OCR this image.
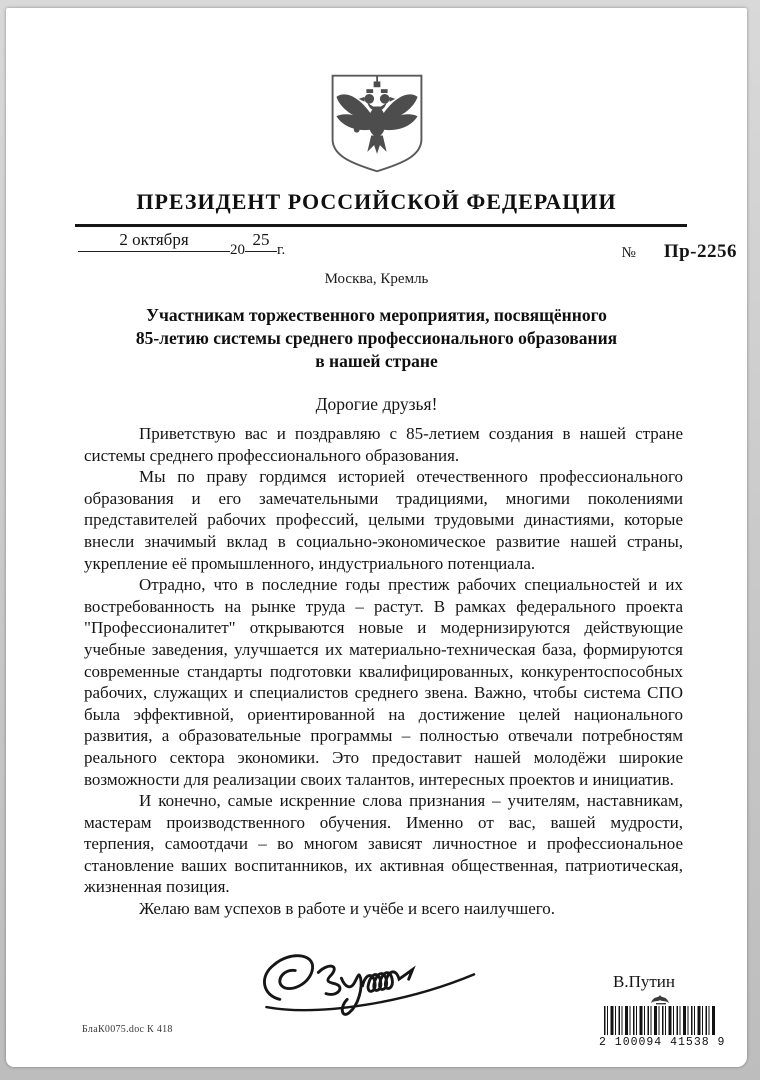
ПРЕЗИДЕНТ РОССИЙСКОЙ ФЕДЕРАЦИИ
2 октября2025г.	№ Пр-2256
Москва, Кремль
Участникам торжественного мероприятия, посвящённого
85-летию системы среднего профессионального образования
в нашей стране
Дорогие друзья!

Приветствую вас и поздравляю с 85-летием создания в нашей стране системы среднего профессионального образования.

Мы по праву гордимся историей отечественного профессионального образования и его замечательными традициями, многими поколениями представителей рабочих профессий, целыми трудовыми династиями, которые внесли значимый вклад в социально-экономическое развитие нашей страны, укрепление её промышленного, индустриального потенциала.

Отрадно, что в последние годы престиж рабочих специальностей и их востребованность на рынке труда – растут. В рамках федерального проекта "Профессионалитет" открываются новые и модернизируются действующие учебные заведения, улучшается их материально-техническая база, формируются современные стандарты подготовки квалифицированных, конкурентоспособных рабочих, служащих и специалистов среднего звена. Важно, чтобы система СПО была эффективной, ориентированной на достижение целей национального развития, а образовательные программы – полностью отвечали потребностям реального сектора экономики. Это предоставит нашей молодёжи широкие возможности для реализации своих талантов, интересных проектов и инициатив.

И конечно, самые искренние слова признания – учителям, наставникам, мастерам производственного обучения. Именно от вас, вашей мудрости, терпения, самоотдачи – во многом зависят личностное и профессиональное становление ваших воспитанников, их активная общественная, патриотическая, жизненная позиция.

Желаю вам успехов в работе и учёбе и всего наилучшего.

В.Путин
БлаК0075.doc К 418
2 100094 41538 9
